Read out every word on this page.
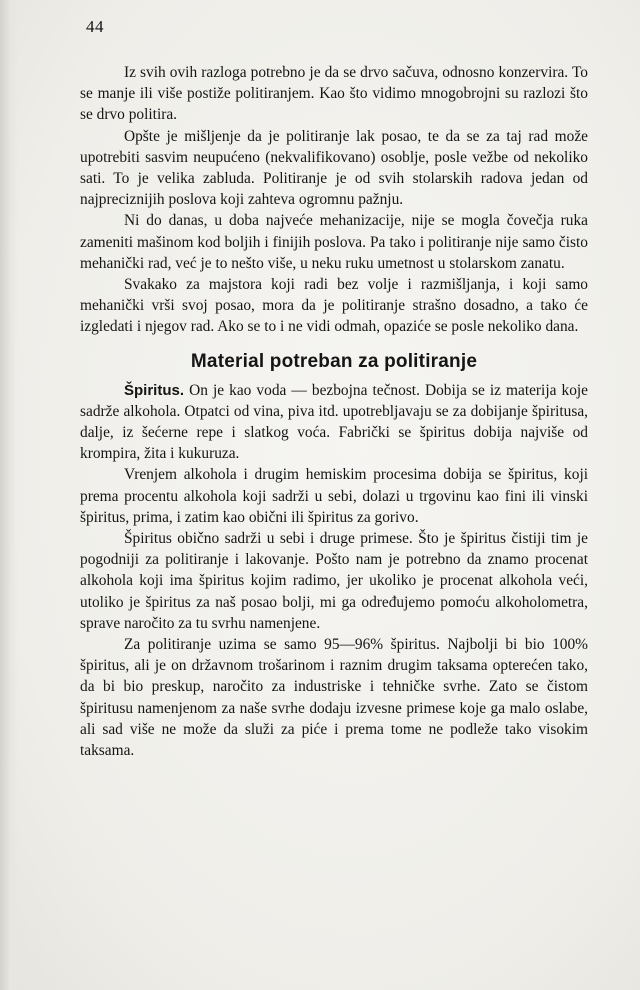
44

Iz svih ovih razloga potrebno je da se drvo sačuva, odnosno konzervira. To se manje ili više postiže politiranjem. Kao što vidimo mnogobrojni su razlozi što se drvo politira.

Opšte je mišljenje da je politiranje lak posao, te da se za taj rad može upotrebiti sasvim neupućeno (nekvalifikovano) osoblje, posle vežbe od nekoliko sati. To je velika zabluda. Politiranje je od svih stolarskih radova jedan od najpreciznijih poslova koji zahteva ogromnu pažnju.

Ni do danas, u doba najveće mehanizacije, nije se mogla čovečja ruka zameniti mašinom kod boljih i finijih poslova. Pa tako i politiranje nije samo čisto mehanički rad, već je to nešto više, u neku ruku umetnost u stolarskom zanatu.

Svakako za majstora koji radi bez volje i razmišljanja, i koji samo mehanički vrši svoj posao, mora da je politiranje strašno dosadno, a tako će izgledati i njegov rad. Ako se to i ne vidi odmah, opaziće se posle nekoliko dana.

Material potreban za politiranje

Špiritus. On je kao voda — bezbojna tečnost. Dobija se iz materija koje sadrže alkohola. Otpatci od vina, piva itd. upotrebljavaju se za dobijanje špiritusa, dalje, iz šećerne repe i slatkog voća. Fabrički se špiritus dobija najviše od krompira, žita i kukuruza.

Vrenjem alkohola i drugim hemiskim procesima dobija se špiritus, koji prema procentu alkohola koji sadrži u sebi, dolazi u trgovinu kao fini ili vinski špiritus, prima, i zatim kao obični ili špiritus za gorivo.

Špiritus obično sadrži u sebi i druge primese. Što je špiritus čistiji tim je pogodniji za politiranje i lakovanje. Pošto nam je potrebno da znamo procenat alkohola koji ima špiritus kojim radimo, jer ukoliko je procenat alkohola veći, utoliko je špiritus za naš posao bolji, mi ga određujemo pomoću alkoholometra, sprave naročito za tu svrhu namenjene.

Za politiranje uzima se samo 95—96% špiritus. Najbolji bi bio 100% špiritus, ali je on državnom trošarinom i raznim drugim taksama opterećen tako, da bi bio preskup, naročito za industriske i tehničke svrhe. Zato se čistom špiritusu namenjenom za naše svrhe dodaju izvesne primese koje ga malo oslabe, ali sad više ne može da služi za piće i prema tome ne podleže tako visokim taksama.
